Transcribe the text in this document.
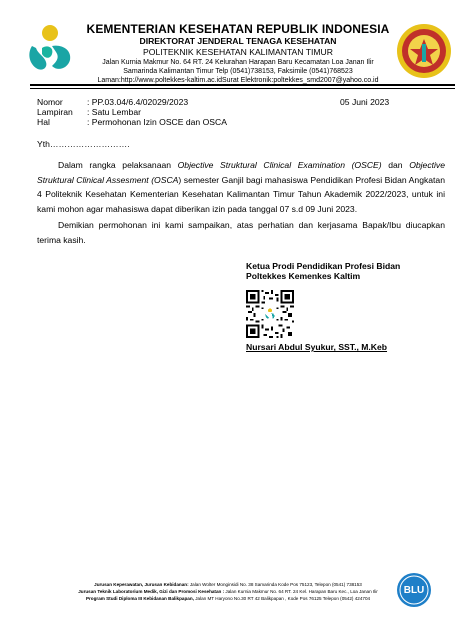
KEMENTERIAN KESEHATAN REPUBLIK INDONESIA
DIREKTORAT JENDERAL TENAGA KESEHATAN
POLITEKNIK KESEHATAN KALIMANTAN TIMUR
Jalan Kurnia Makmur No. 64 RT. 24 Kelurahan Harapan Baru Kecamatan Loa Janan Ilir
Samarinda Kalimantan Timur Telp (0541)738153, Faksimile (0541)768523
Laman:http://www.poltekkes-kaltim.ac.idSurat Elektronik:poltekkes_smd2007@yahoo.co.id
Nomor	: PP.03.04/6.4/02029/2023
Lampiran : Satu Lembar
Hal	: Permohonan Izin OSCE dan OSCA
05 Juni 2023
Yth……………………….
Dalam rangka pelaksanaan Objective Struktural Clinical Examination (OSCE) dan Objective Struktural Clinical Assesment (OSCA) semester Ganjil bagi mahasiswa Pendidikan Profesi Bidan Angkatan 4 Politeknik Kesehatan Kementerian Kesehatan Kalimantan Timur Tahun Akademik 2022/2023, untuk ini kami mohon agar mahasiswa dapat diberikan izin pada tanggal 07 s.d 09 Juni 2023.
Demikian permohonan ini kami sampaikan, atas perhatian dan kerjasama Bapak/Ibu diucapkan terima kasih.
Ketua Prodi Pendidikan Profesi Bidan
Poltekkes Kemenkes Kaltim
Nursari Abdul Syukur, SST., M.Keb
Jurusan Keperawatan, Jurusan Kebidanan: Jalan Wolter Monginsidi No. 38 Samarinda Kode Pos 75123, Telepon (0541) 738153
Jurusan Teknik Laboratorium Medik, Gizi dan Promosi Kesehatan : Jalan Kurnia Makmur No. 64 RT. 24 Kel. Harapan Baru Kec., Loa Janan Ilir
Program Studi Diploma III Kebidanan Balikpapan, Jalan MT Haryono No.30 RT 42 Balikpapan , Kode Pos 76125 Telepon (0542) 424704
BLU
